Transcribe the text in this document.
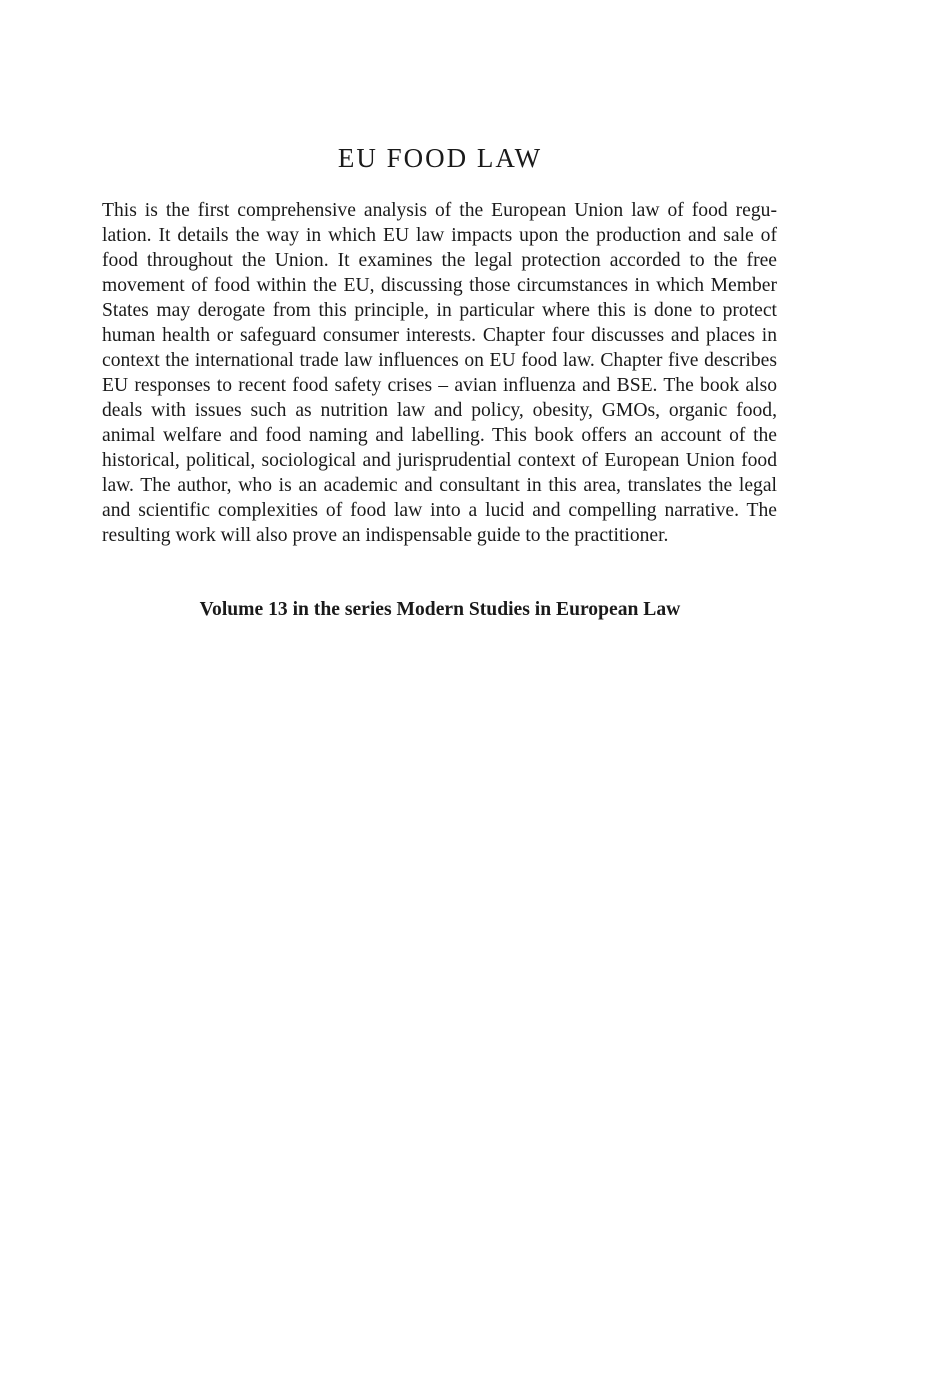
EU FOOD LAW

This is the first comprehensive analysis of the European Union law of food regulation. It details the way in which EU law impacts upon the production and sale of food throughout the Union. It examines the legal protection accorded to the free movement of food within the EU, discussing those circumstances in which Member States may derogate from this principle, in particular where this is done to protect human health or safeguard consumer interests. Chapter four discusses and places in context the international trade law influences on EU food law. Chapter five describes EU responses to recent food safety crises – avian influenza and BSE. The book also deals with issues such as nutrition law and policy, obesity, GMOs, organic food, animal welfare and food naming and labelling. This book offers an account of the historical, political, sociological and jurisprudential context of European Union food law. The author, who is an academic and consultant in this area, translates the legal and scientific complexities of food law into a lucid and compelling narrative. The resulting work will also prove an indispensable guide to the practitioner.

Volume 13 in the series Modern Studies in European Law
